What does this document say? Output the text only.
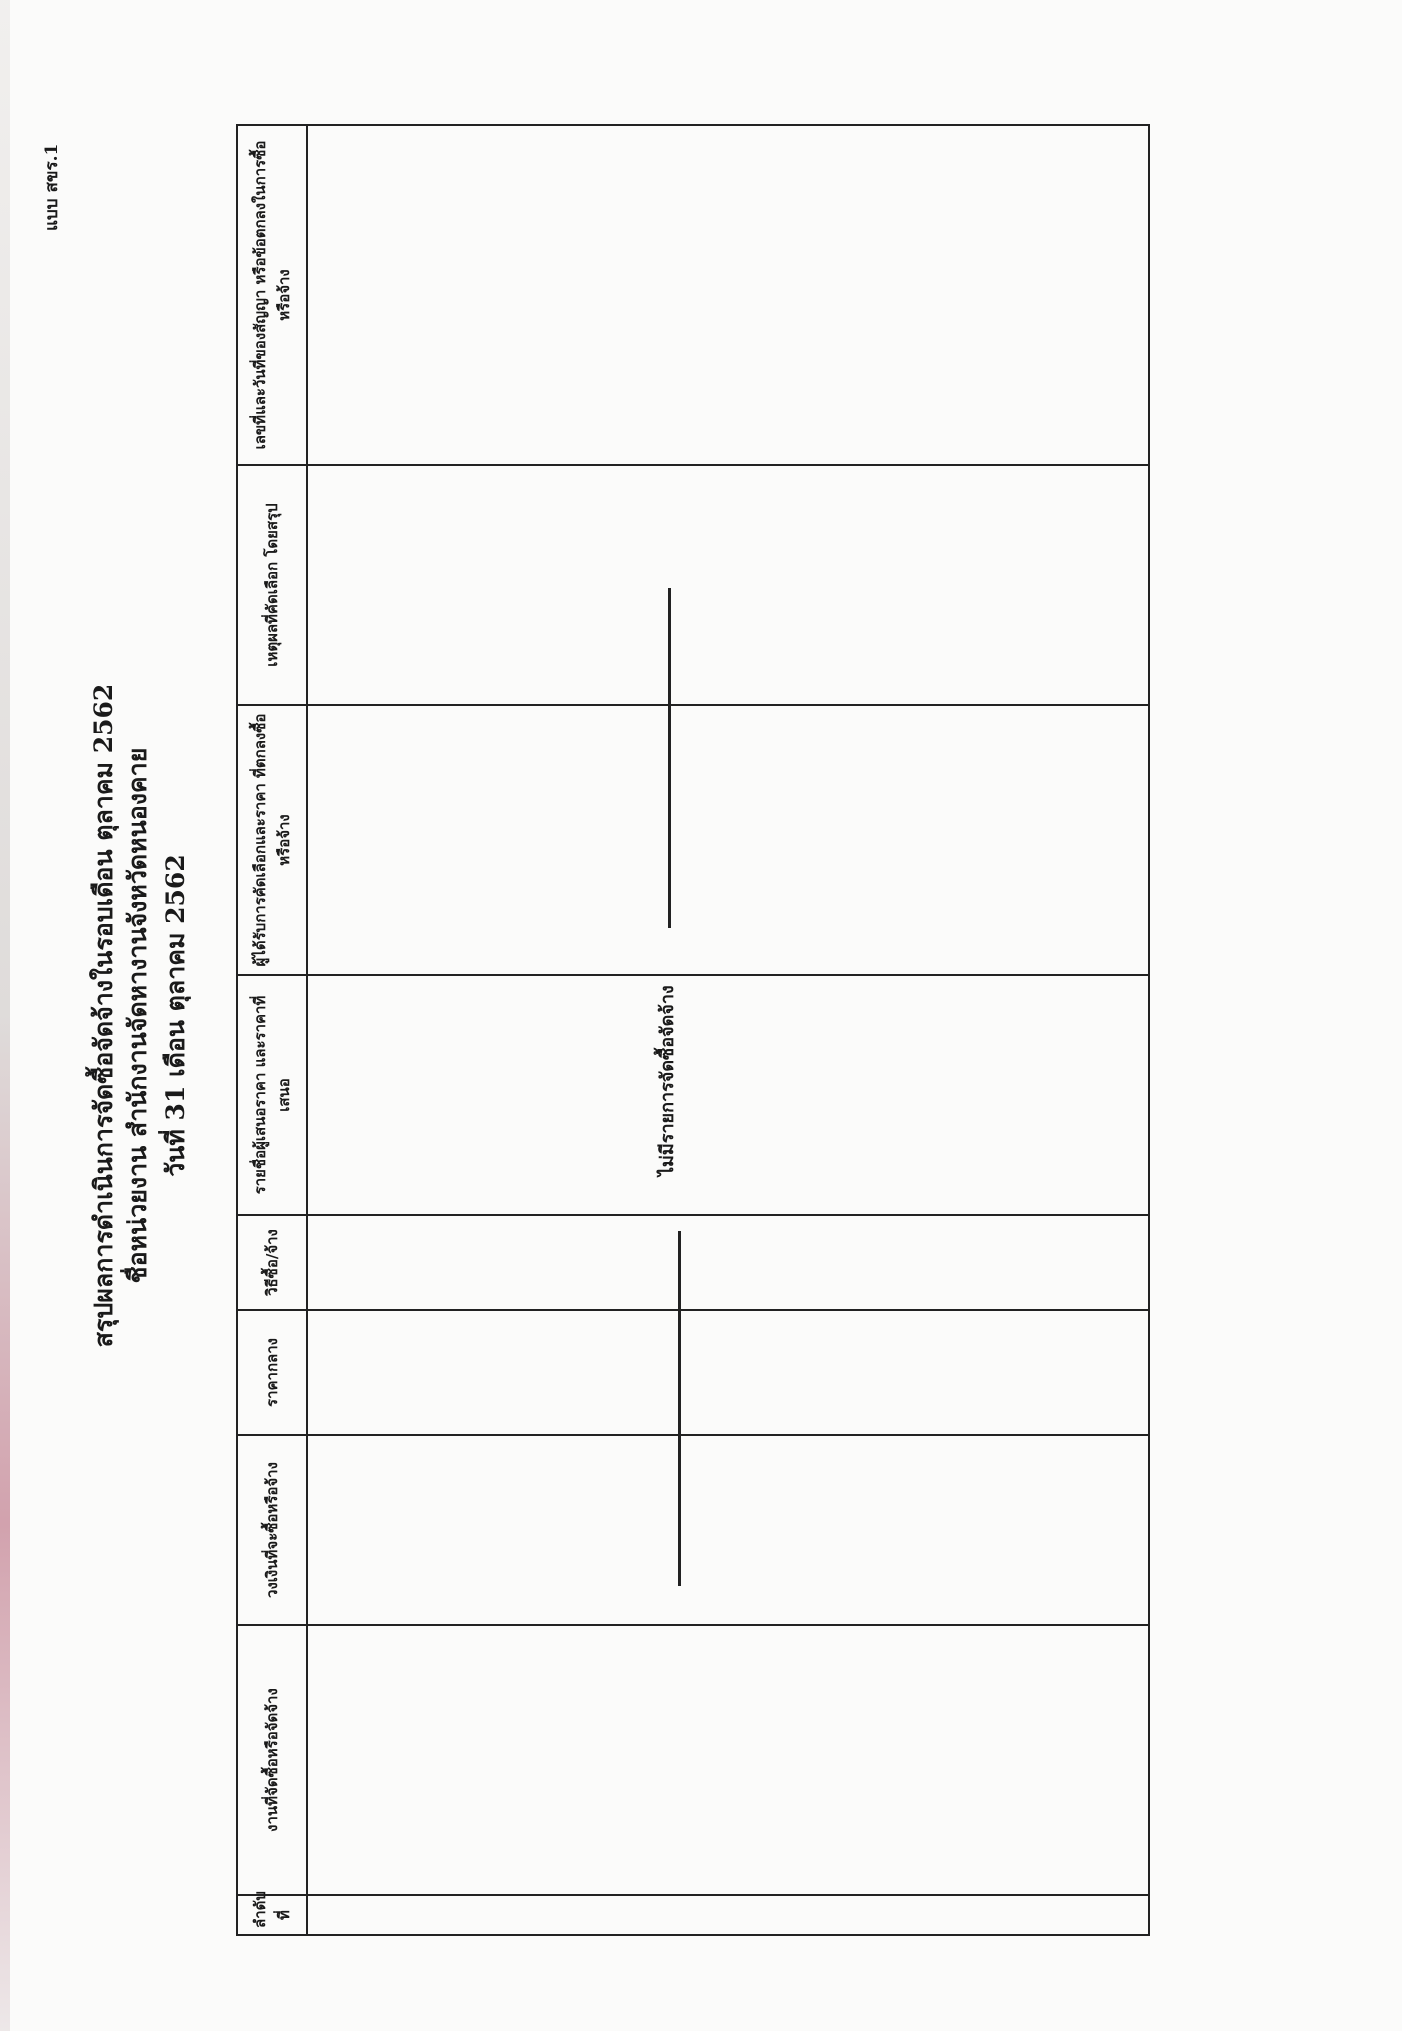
แบบ สขร.1
สรุปผลการดำเนินการจัดซื้อจัดจ้างในรอบเดือน ตุลาคม 2562 ชื่อหน่วยงาน สำนักงานจัดหางานจังหวัดหนองคาย วันที่ 31 เดือน ตุลาคม 2562
ลำดับที่	งานที่จัดซื้อหรือจัดจ้าง	วงเงินที่จะซื้อหรือจ้าง	ราคากลาง	วิธีซื้อ/จ้าง	รายชื่อผู้เสนอราคา และราคาที่เสนอ	ผู้ได้รับการคัดเลือกและราคา ที่ตกลงซื้อหรือจ้าง	เหตุผลที่คัดเลือก โดยสรุป	เลขที่และวันที่ของสัญญา หรือข้อตกลงในการซื้อหรือจ้าง

ไม่มีรายการจัดซื้อจัดจ้าง
